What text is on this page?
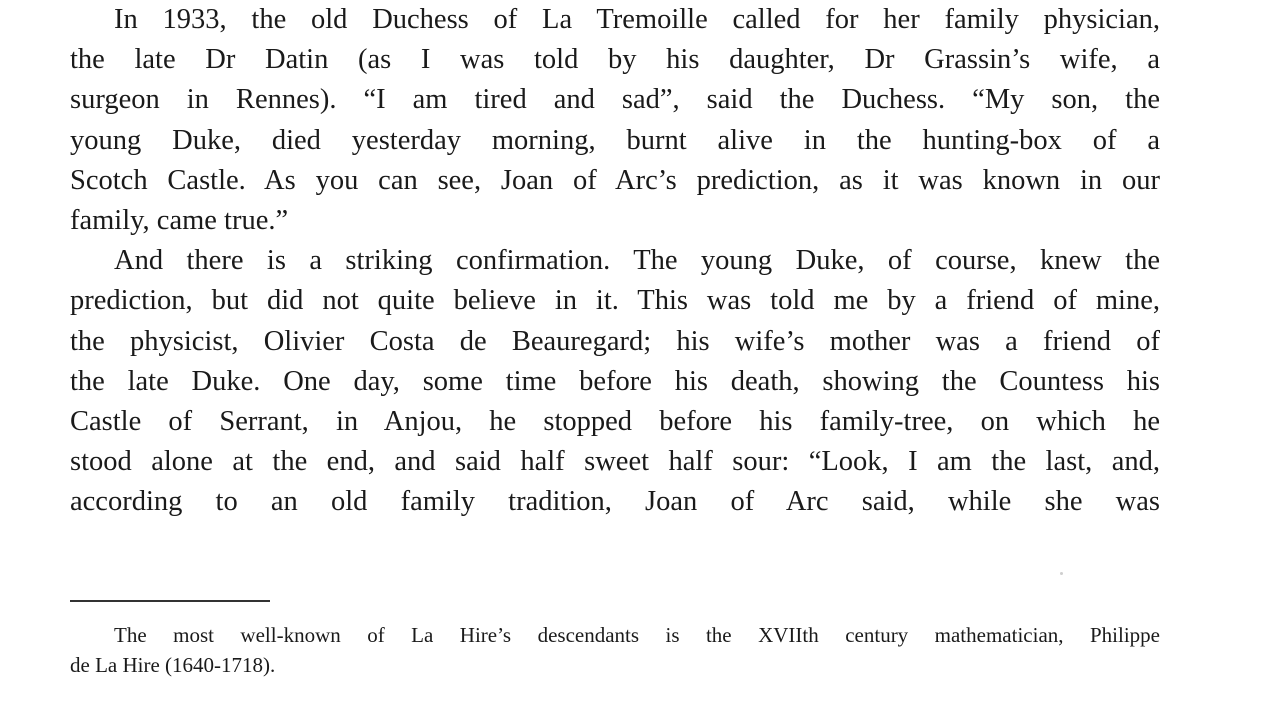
In 1933, the old Duchess of La Tremoille called for her family physician,
the late Dr Datin (as I was told by his daughter, Dr Grassin’s wife, a
surgeon in Rennes). “I am tired and sad”, said the Duchess. “My son, the
young Duke, died yesterday morning, burnt alive in the hunting-box of a
Scotch Castle. As you can see, Joan of Arc’s prediction, as it was known in our
family, came true.”
And there is a striking confirmation. The young Duke, of course, knew the
prediction, but did not quite believe in it. This was told me by a friend of mine,
the physicist, Olivier Costa de Beauregard; his wife’s mother was a friend of
the late Duke. One day, some time before his death, showing the Countess his
Castle of Serrant, in Anjou, he stopped before his family-tree, on which he
stood alone at the end, and said half sweet half sour: “Look, I am the last, and,
according to an old family tradition, Joan of Arc said, while she was
The most well-known of La Hire’s descendants is the XVIIth century mathematician, Philippe
de La Hire (1640-1718).
